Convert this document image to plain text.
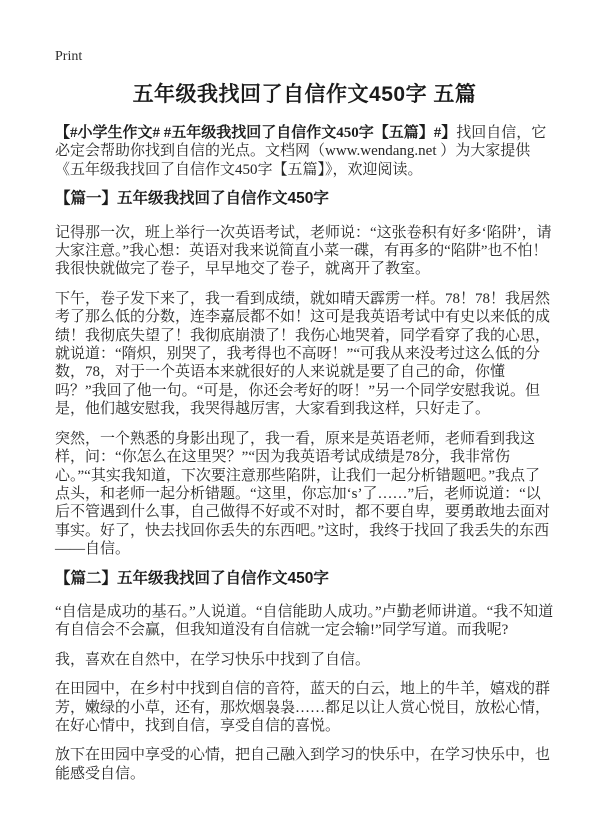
Print
五年级我找回了自信作文450字 五篇

【#小学生作文# #五年级我找回了自信作文450字【五篇】#】找回自信，它必定会帮助你找到自信的光点。文档网（www.wendang.net ）为大家提供《五年级我找回了自信作文450字【五篇】》，欢迎阅读。

【篇一】五年级我找回了自信作文450字

记得那一次，班上举行一次英语考试，老师说：“这张卷积有好多‘陷阱’，请大家注意。”我心想：英语对我来说简直小菜一碟，有再多的“陷阱”也不怕！我很快就做完了卷子，早早地交了卷子，就离开了教室。

下午，卷子发下来了，我一看到成绩，就如晴天霹雳一样。78！78！我居然考了那么低的分数，连李嘉辰都不如！这可是我英语考试中有史以来低的成绩！我彻底失望了！我彻底崩溃了！我伤心地哭着，同学看穿了我的心思，就说道：“隋炽，别哭了，我考得也不高呀！”“可我从来没考过这么低的分数，78，对于一个英语本来就很好的人来说就是要了自己的命，你懂吗？”我回了他一句。“可是，你还会考好的呀！”另一个同学安慰我说。但是，他们越安慰我，我哭得越厉害，大家看到我这样，只好走了。

突然，一个熟悉的身影出现了，我一看，原来是英语老师，老师看到我这样，问：“你怎么在这里哭？”“因为我英语考试成绩是78分，我非常伤心。”“其实我知道，下次要注意那些陷阱，让我们一起分析错题吧。”我点了点头，和老师一起分析错题。“这里，你忘加‘s’了……”后，老师说道：“以后不管遇到什么事，自己做得不好或不对时，都不要自卑，要勇敢地去面对事实。好了，快去找回你丢失的东西吧。”这时，我终于找回了我丢失的东西——自信。

【篇二】五年级我找回了自信作文450字

“自信是成功的基石。”人说道。“自信能助人成功。”卢勤老师讲道。“我不知道有自信会不会赢，但我知道没有自信就一定会输!”同学写道。而我呢?

我，喜欢在自然中，在学习快乐中找到了自信。

在田园中，在乡村中找到自信的音符，蓝天的白云，地上的牛羊，嬉戏的群芳，嫩绿的小草，还有，那炊烟袅袅……都足以让人赏心悦目，放松心情，在好心情中，找到自信，享受自信的喜悦。

放下在田园中享受的心情，把自己融入到学习的快乐中，在学习快乐中，也能感受自信。
